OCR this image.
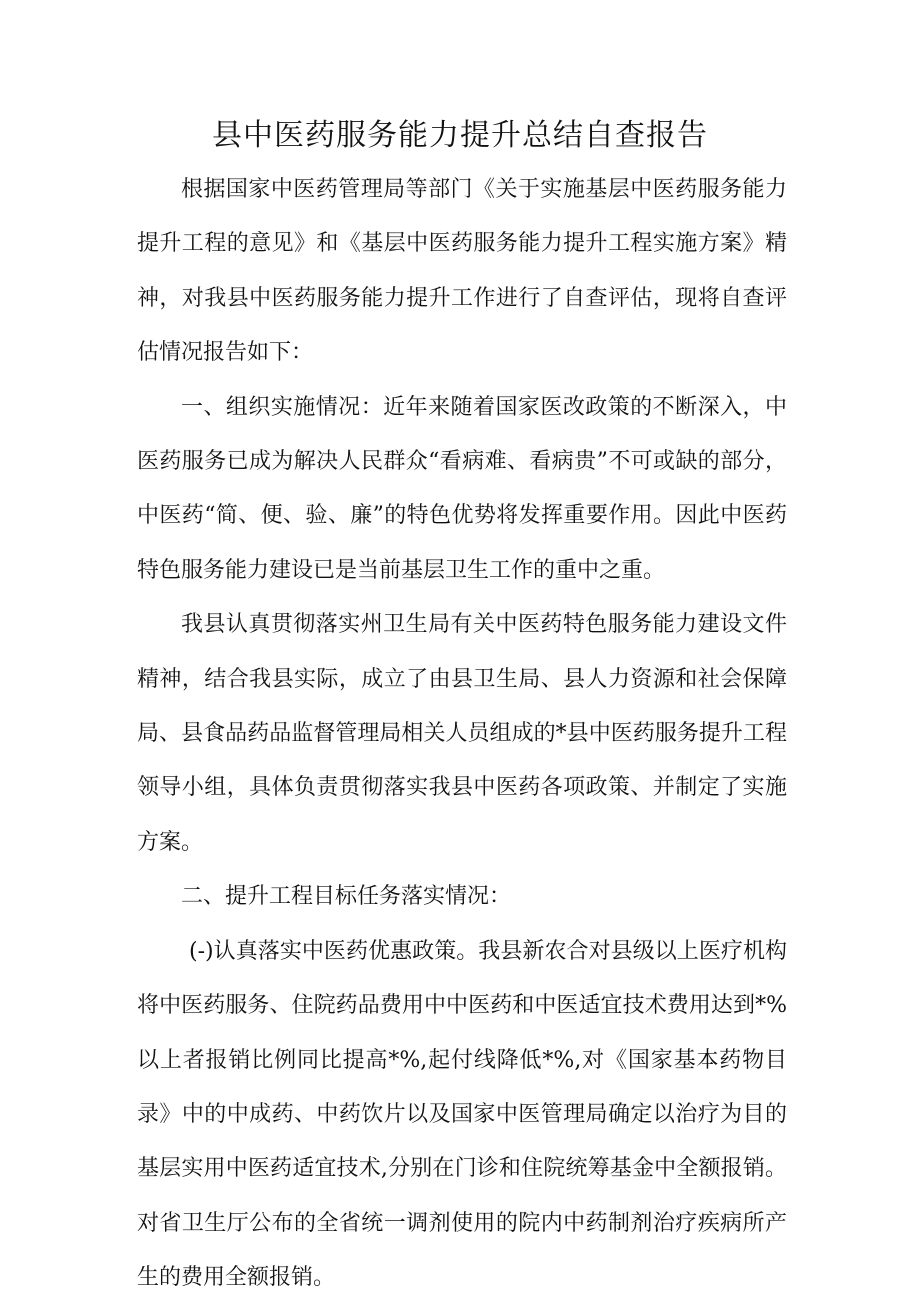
县中医药服务能力提升总结自查报告

根据国家中医药管理局等部门《关于实施基层中医药服务能力提升工程的意见》和《基层中医药服务能力提升工程实施方案》精神，对我县中医药服务能力提升工作进行了自查评估，现将自查评估情况报告如下：

一、组织实施情况：近年来随着国家医改政策的不断深入，中医药服务已成为解决人民群众“看病难、看病贵”不可或缺的部分，中医药“简、便、验、廉”的特色优势将发挥重要作用。因此中医药特色服务能力建设已是当前基层卫生工作的重中之重。

我县认真贯彻落实州卫生局有关中医药特色服务能力建设文件精神，结合我县实际，成立了由县卫生局、县人力资源和社会保障局、县食品药品监督管理局相关人员组成的*县中医药服务提升工程领导小组，具体负责贯彻落实我县中医药各项政策、并制定了实施方案。

二、提升工程目标任务落实情况：

(-)认真落实中医药优惠政策。我县新农合对县级以上医疗机构将中医药服务、住院药品费用中中医药和中医适宜技术费用达到*%以上者报销比例同比提高*%,起付线降低*%,对《国家基本药物目录》中的中成药、中药饮片以及国家中医管理局确定以治疗为目的基层实用中医药适宜技术,分别在门诊和住院统筹基金中全额报销。对省卫生厅公布的全省统一调剂使用的院内中药制剂治疗疾病所产生的费用全额报销。
